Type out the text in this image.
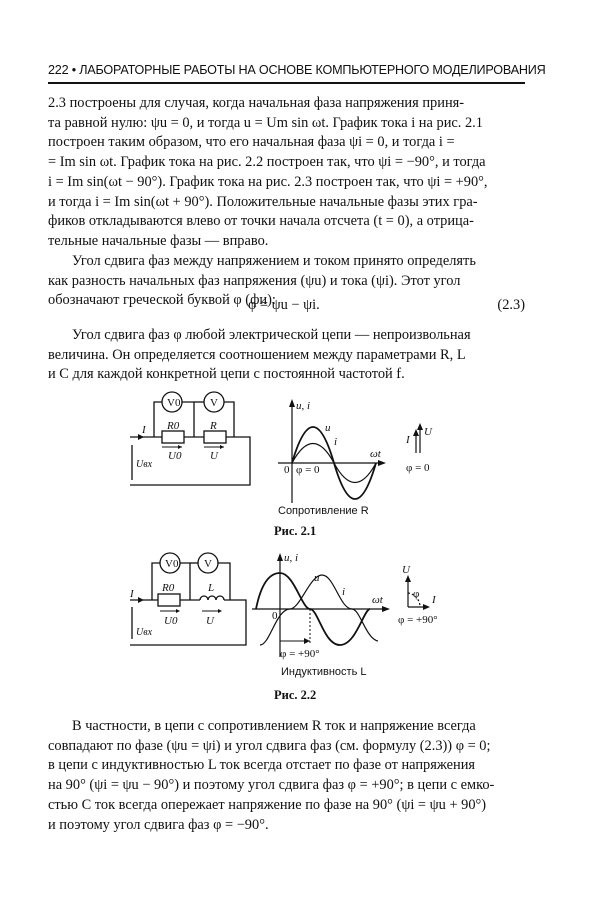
222 • ЛАБОРАТОРНЫЕ РАБОТЫ НА ОСНОВЕ КОМПЬЮТЕРНОГО МОДЕЛИРОВАНИЯ
2.3 построены для случая, когда начальная фаза напряжения приня-
та равной нулю: ψu = 0, и тогда u = Um sin ωt. График тока i на рис. 2.1
построен таким образом, что его начальная фаза ψi = 0, и тогда i =
= Im sin ωt. График тока на рис. 2.2 построен так, что ψi = −90°, и тогда
i = Im sin(ωt − 90°). График тока на рис. 2.3 построен так, что ψi = +90°,
и тогда i = Im sin(ωt + 90°). Положительные начальные фазы этих гра-
фиков откладываются влево от точки начала отсчета (t = 0), а отрица-
тельные начальные фазы — вправо.
Угол сдвига фаз между напряжением и током принято определять
как разность начальных фаз напряжения (ψu) и тока (ψi). Этот угол
обозначают греческой буквой φ (фи):
φ = ψu − ψi.	(2.3)
Угол сдвига фаз φ любой электрической цепи — непроизвольная
величина. Он определяется соотношением между параметрами R, L
и C для каждой конкретной цепи с постоянной частотой f.
V0	V
I R0	R
U0	U
Uвх
u, i
ωt
u
i
0 φ = 0
I
U
φ = 0
Сопротивление R
Рис. 2.1
V0 V
I	R0	L
U0	U
Uвх
u, i
ωt
u
i
0
φ = +90°
U
φ I
φ = +90°
Индуктивность L
Рис. 2.2
В частности, в цепи с сопротивлением R ток и напряжение всегда
совпадают по фазе (ψu = ψi) и угол сдвига фаз (см. формулу (2.3)) φ = 0;
в цепи с индуктивностью L ток всегда отстает по фазе от напряжения
на 90° (ψi = ψu − 90°) и поэтому угол сдвига фаз φ = +90°; в цепи с емко-
стью C ток всегда опережает напряжение по фазе на 90° (ψi = ψu + 90°)
и поэтому угол сдвига фаз φ = −90°.
